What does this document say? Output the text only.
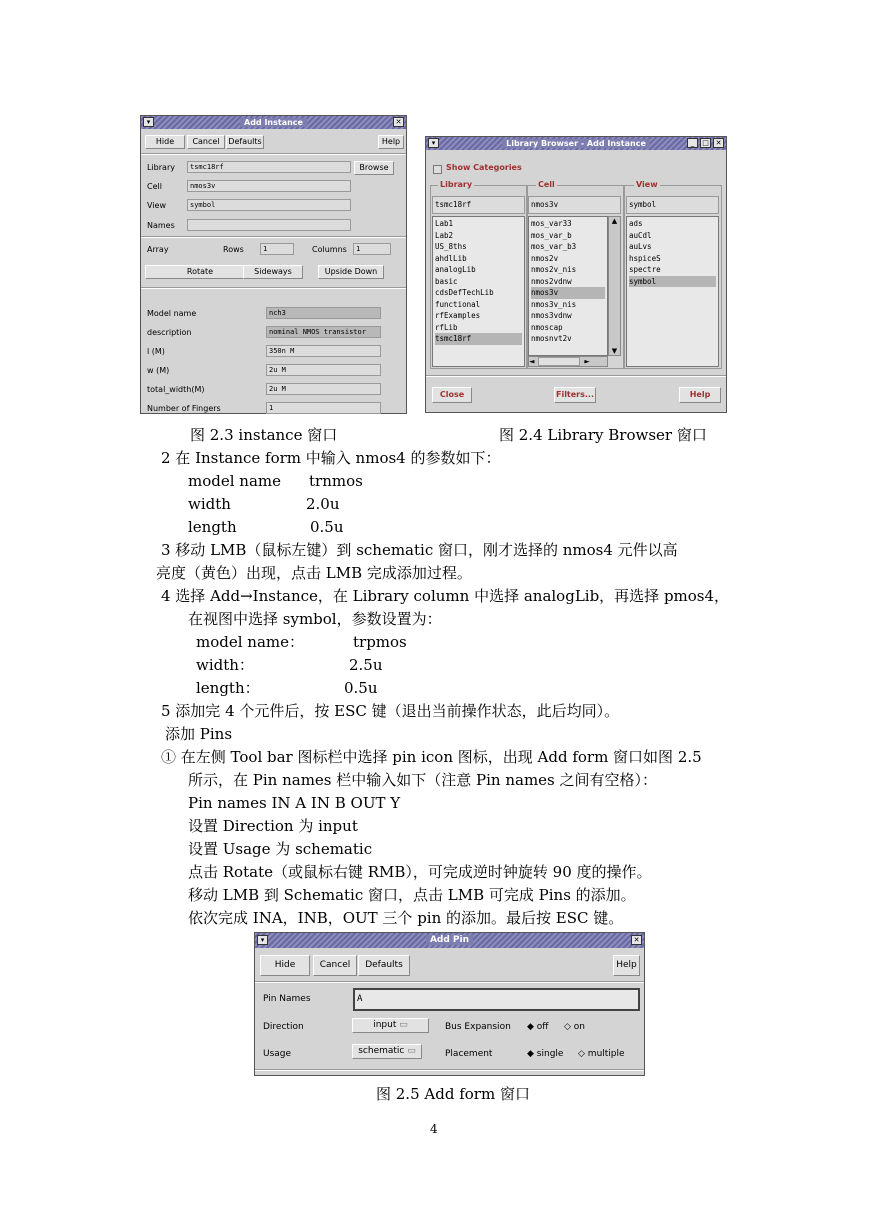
Add Instance
▾	✕
Hide	Cancel	Defaults	Help
Library	tsmc18rf	Browse
Cell	nmos3v
View	symbol
Names
Array	Rows	1	Columns	1
Rotate	Sideways	Upside Down
Model name	nch3
description	nominal NMOS transistor
l (M)	350n M
w (M)	2u M
total_width(M)	2u M
Number of Fingers	1
Library Browser - Add Instance
▾	_	□ ✕
Show Categories
Library	Cell	View
tsmc18rf	nmos3v	symbol
Lab1
Lab2
US_8ths
ahdlLib
analogLib
basic
cdsDefTechLib
functional
rfExamples
rfLib
tsmc18rf
mos_var33
mos_var_b
mos_var_b3
nmos2v
nmos2v_nis
nmos2vdnw
nmos3v
nmos3v_nis
nmos3vdnw
nmoscap
nmosnvt2v
▲
▼
◄	►
ads
auCdl
auLvs
hspiceS
spectre
symbol
Close	Filters...	Help
图 2.3 instance 窗口	图 2.4 Library Browser 窗口
2 在 Instance form 中输入 nmos4 的参数如下：
model name trnmos
width	2.0u
length	0.5u
3 移动 LMB（鼠标左键）到 schematic 窗口，刚才选择的 nmos4 元件以高
亮度（黄色）出现，点击 LMB 完成添加过程。
4 选择 Add→Instance，在 Library column 中选择 analogLib，再选择 pmos4，
在视图中选择 symbol，参数设置为：
model name：	trpmos
width：	2.5u
length：	0.5u
5 添加完 4 个元件后，按 ESC 键（退出当前操作状态，此后均同）。
添加 Pins
① 在左侧 Tool bar 图标栏中选择 pin icon 图标，出现 Add form 窗口如图 2.5
所示，在 Pin names 栏中输入如下（注意 Pin names 之间有空格）：
Pin names IN A IN B OUT Y
设置 Direction 为 input
设置 Usage 为 schematic
点击 Rotate（或鼠标右键 RMB），可完成逆时钟旋转 90 度的操作。
移动 LMB 到 Schematic 窗口，点击 LMB 可完成 Pins 的添加。
依次完成 INA，INB，OUT 三个 pin 的添加。最后按 ESC 键。
Add Pin
▾	✕
Hide	Cancel	Defaults	Help
Pin Names	A
Direction	input ▭	Bus Expansion ◆ off ◇ on
Usage	schematic ▭	Placement	◆ single ◇ multiple
图 2.5 Add form 窗口
4
